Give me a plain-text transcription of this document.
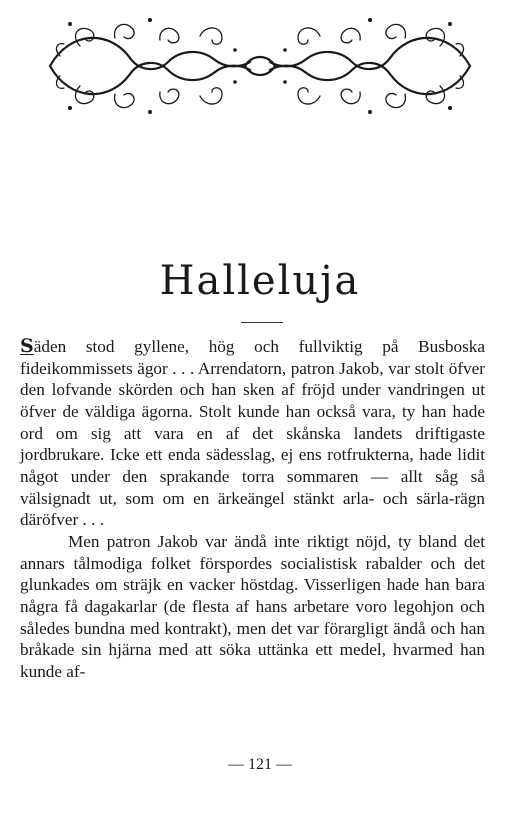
Halleluja

Säden stod gyllene, hög och fullviktig på Busboska fideikommissets ägor . . . Arrendatorn, patron Jakob, var stolt öfver den lofvande skörden och han sken af fröjd under vandringen ut öfver de väldiga ägorna. Stolt kunde han också vara, ty han hade ord om sig att vara en af det skånska landets driftigaste jordbrukare. Icke ett enda sädesslag, ej ens rotfrukterna, hade lidit något under den sprakande torra sommaren — allt såg så välsignadt ut, som om en ärkeängel stänkt arla- och särla-rägn däröfver . . .

Men patron Jakob var ändå inte riktigt nöjd, ty bland det annars tålmodiga folket förspordes socialistisk rabalder och det glunkades om sträjk en vacker höstdag. Visserligen hade han bara några få dagakarlar (de flesta af hans arbetare voro legohjon och således bundna med kontrakt), men det var förargligt ändå och han bråkade sin hjärna med att söka uttänka ett medel, hvarmed han kunde af-

— 121 —
